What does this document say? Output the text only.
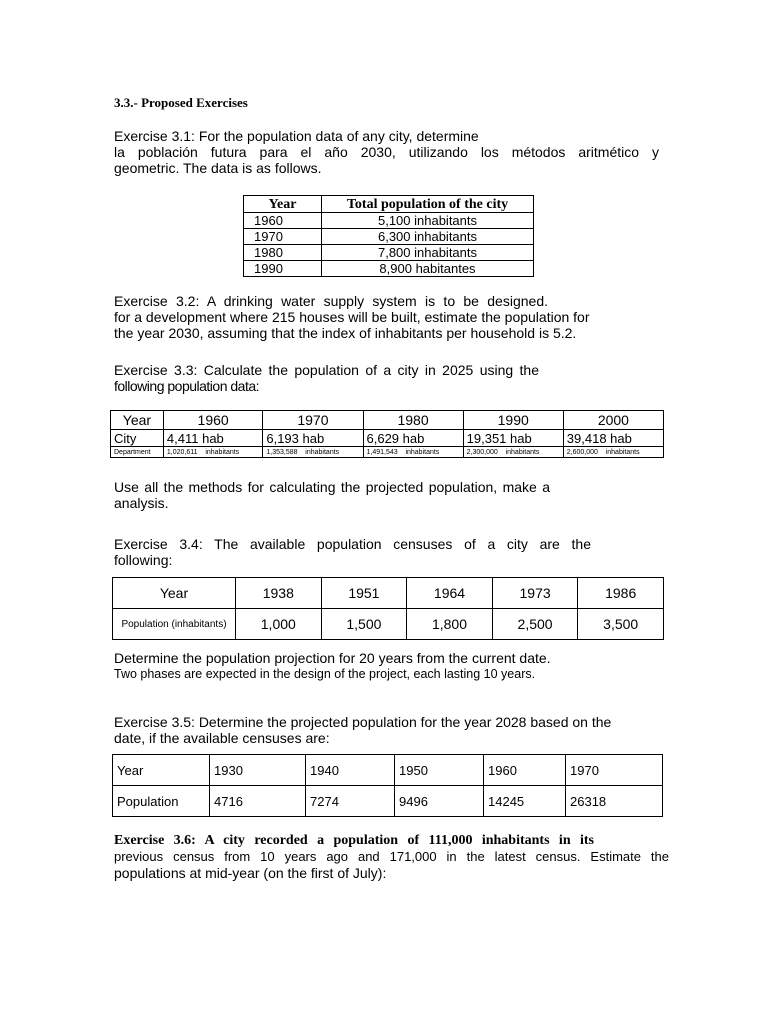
3.3.- Proposed Exercises
Exercise 3.1: For the population data of any city, determine
la población futura para el año 2030, utilizando los métodos aritmético y
geometric. The data is as follows.
Year	Total population of the city
1960	5,100 inhabitants
1970	6,300 inhabitants
1980	7,800 inhabitants
1990	8,900 habitantes
Exercise 3.2: A drinking water supply system is to be designed.
for a development where 215 houses will be built, estimate the population for
the year 2030, assuming that the index of inhabitants per household is 5.2.
Exercise 3.3: Calculate the population of a city in 2025 using the
following population data:
Year	1960	1970	1980	1990	2000
City	4,411 hab	6,193 hab	6,629 hab	19,351 hab	39,418 hab
Department	1,020,611 inhabitants	1,353,588 inhabitants	1,491,543 inhabitants	2,300,000 inhabitants	2,600,000 inhabitants
Use all the methods for calculating the projected population, make a
analysis.
Exercise 3.4: The available population censuses of a city are the
following:
Year	1938	1951	1964	1973	1986
Population (inhabitants)	1,000	1,500	1,800	2,500	3,500
Determine the population projection for 20 years from the current date.
Two phases are expected in the design of the project, each lasting 10 years.
Exercise 3.5: Determine the projected population for the year 2028 based on the
date, if the available censuses are:
Year	1930	1940	1950	1960	1970
Population	4716	7274	9496	14245	26318
Exercise 3.6: A city recorded a population of 111,000 inhabitants in its
previous census from 10 years ago and 171,000 in the latest census. Estimate the
populations at mid-year (on the first of July):
